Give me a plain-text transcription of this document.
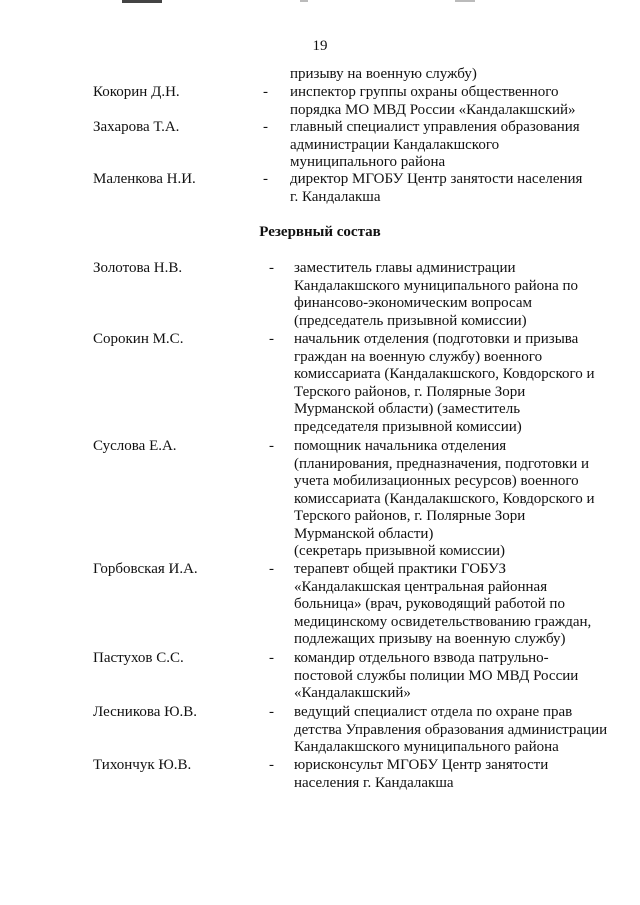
19
Резервный состав
призыву на военную службу)
Кокорин Д.Н.	- инспектор группы охраны общественного
порядка МО МВД России «Кандалакшский»
Захарова Т.А.	- главный специалист управления образования
администрации Кандалакшского
муниципального района
Маленкова Н.И.	- директор МГОБУ Центр занятости населения
г. Кандалакша
Золотова Н.В.	- заместитель главы администрации
Кандалакшского муниципального района по
финансово-экономическим вопросам
(председатель призывной комиссии)
Сорокин М.С.	- начальник отделения (подготовки и призыва
граждан на военную службу) военного
комиссариата (Кандалакшского, Ковдорского и
Терского районов, г. Полярные Зори
Мурманской области) (заместитель
председателя призывной комиссии)
Суслова Е.А.	- помощник начальника отделения
(планирования, предназначения, подготовки и
учета мобилизационных ресурсов) военного
комиссариата (Кандалакшского, Ковдорского и
Терского районов, г. Полярные Зори
Мурманской области)
(секретарь призывной комиссии)
Горбовская И.А.	- терапевт общей практики ГОБУЗ
«Кандалакшская центральная районная
больница» (врач, руководящий работой по
медицинскому освидетельствованию граждан,
подлежащих призыву на военную службу)
Пастухов С.С.	- командир отдельного взвода патрульно-
постовой службы полиции МО МВД России
«Кандалакшский»
Лесникова Ю.В.	- ведущий специалист отдела по охране прав
детства Управления образования администрации
Кандалакшского муниципального района
Тихончук Ю.В.	- юрисконсульт МГОБУ Центр занятости
населения г. Кандалакша
